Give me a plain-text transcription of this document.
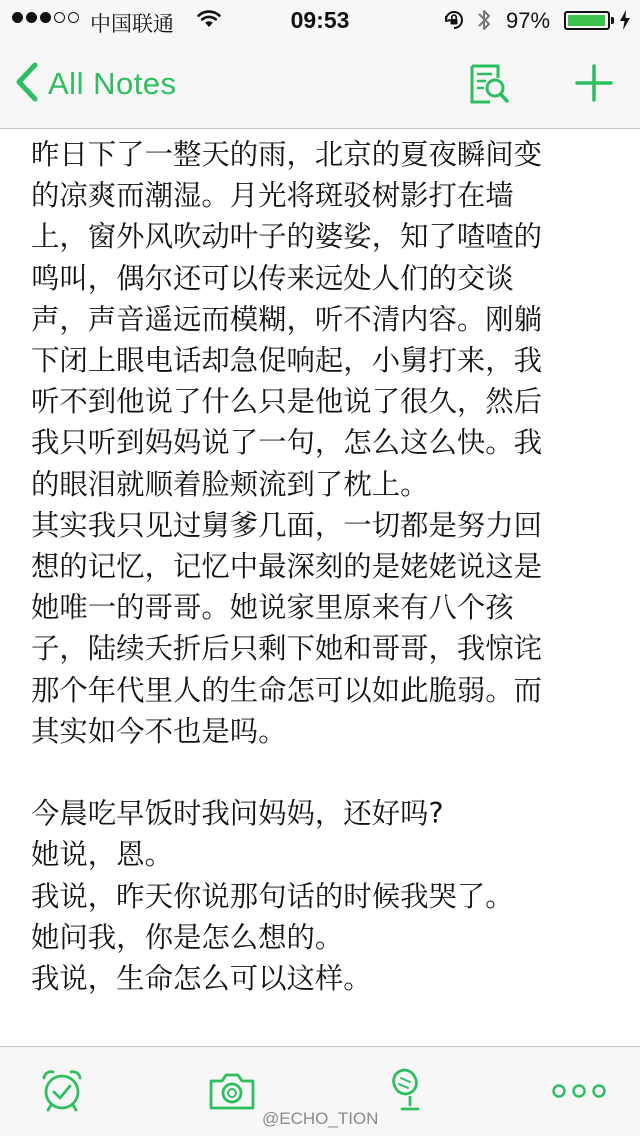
中国联通	09:53	97%
All Notes
昨日下了一整天的雨，北京的夏夜瞬间变
的凉爽而潮湿。月光将斑驳树影打在墙
上，窗外风吹动叶子的婆娑，知了喳喳的
鸣叫，偶尔还可以传来远处人们的交谈
声，声音遥远而模糊，听不清内容。刚躺
下闭上眼电话却急促响起，小舅打来，我
听不到他说了什么只是他说了很久，然后
我只听到妈妈说了一句，怎么这么快。我
的眼泪就顺着脸颊流到了枕上。
其实我只见过舅爹几面，一切都是努力回
想的记忆，记忆中最深刻的是姥姥说这是
她唯一的哥哥。她说家里原来有八个孩
子，陆续夭折后只剩下她和哥哥，我惊诧
那个年代里人的生命怎可以如此脆弱。而
其实如今不也是吗。
今晨吃早饭时我问妈妈，还好吗?
她说，恩。
我说，昨天你说那句话的时候我哭了。
她问我，你是怎么想的。
我说，生命怎么可以这样。
@ECHO_TION
